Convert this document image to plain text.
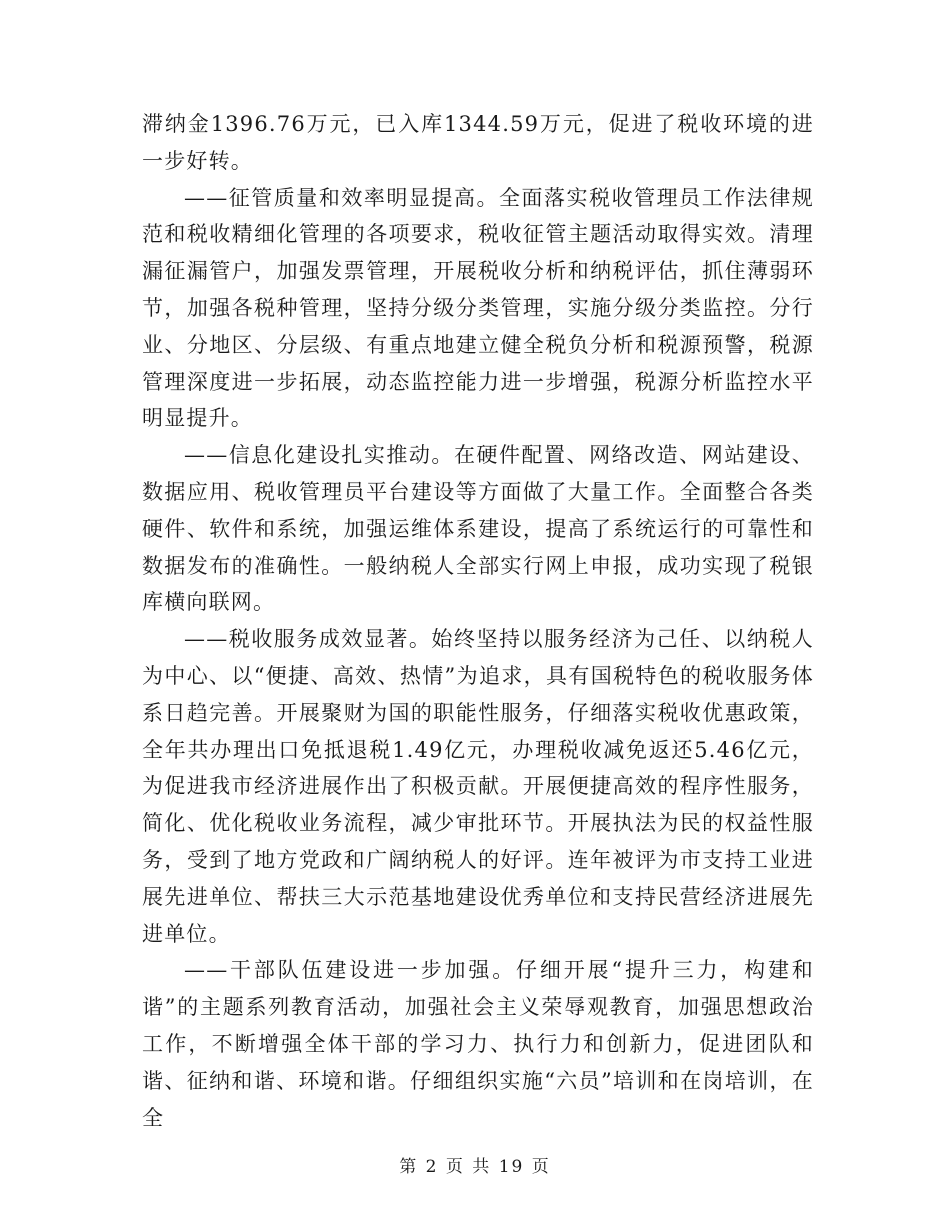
滞纳金1396.76万元，已入库1344.59万元，促进了税收环境的进一步好转。

——征管质量和效率明显提高。全面落实税收管理员工作法律规范和税收精细化管理的各项要求，税收征管主题活动取得实效。清理漏征漏管户，加强发票管理，开展税收分析和纳税评估，抓住薄弱环节，加强各税种管理，坚持分级分类管理，实施分级分类监控。分行业、分地区、分层级、有重点地建立健全税负分析和税源预警，税源管理深度进一步拓展，动态监控能力进一步增强，税源分析监控水平明显提升。

——信息化建设扎实推动。在硬件配置、网络改造、网站建设、数据应用、税收管理员平台建设等方面做了大量工作。全面整合各类硬件、软件和系统，加强运维体系建设，提高了系统运行的可靠性和数据发布的准确性。一般纳税人全部实行网上申报，成功实现了税银库横向联网。

——税收服务成效显著。始终坚持以服务经济为己任、以纳税人为中心、以“便捷、高效、热情”为追求，具有国税特色的税收服务体系日趋完善。开展聚财为国的职能性服务，仔细落实税收优惠政策，全年共办理出口免抵退税1.49亿元，办理税收减免返还5.46亿元，为促进我市经济进展作出了积极贡献。开展便捷高效的程序性服务，简化、优化税收业务流程，减少审批环节。开展执法为民的权益性服务，受到了地方党政和广阔纳税人的好评。连年被评为市支持工业进展先进单位、帮扶三大示范基地建设优秀单位和支持民营经济进展先进单位。

——干部队伍建设进一步加强。仔细开展“提升三力，构建和谐”的主题系列教育活动，加强社会主义荣辱观教育，加强思想政治工作，不断增强全体干部的学习力、执行力和创新力，促进团队和谐、征纳和谐、环境和谐。仔细组织实施“六员”培训和在岗培训，在全

第 2 页 共 19 页
